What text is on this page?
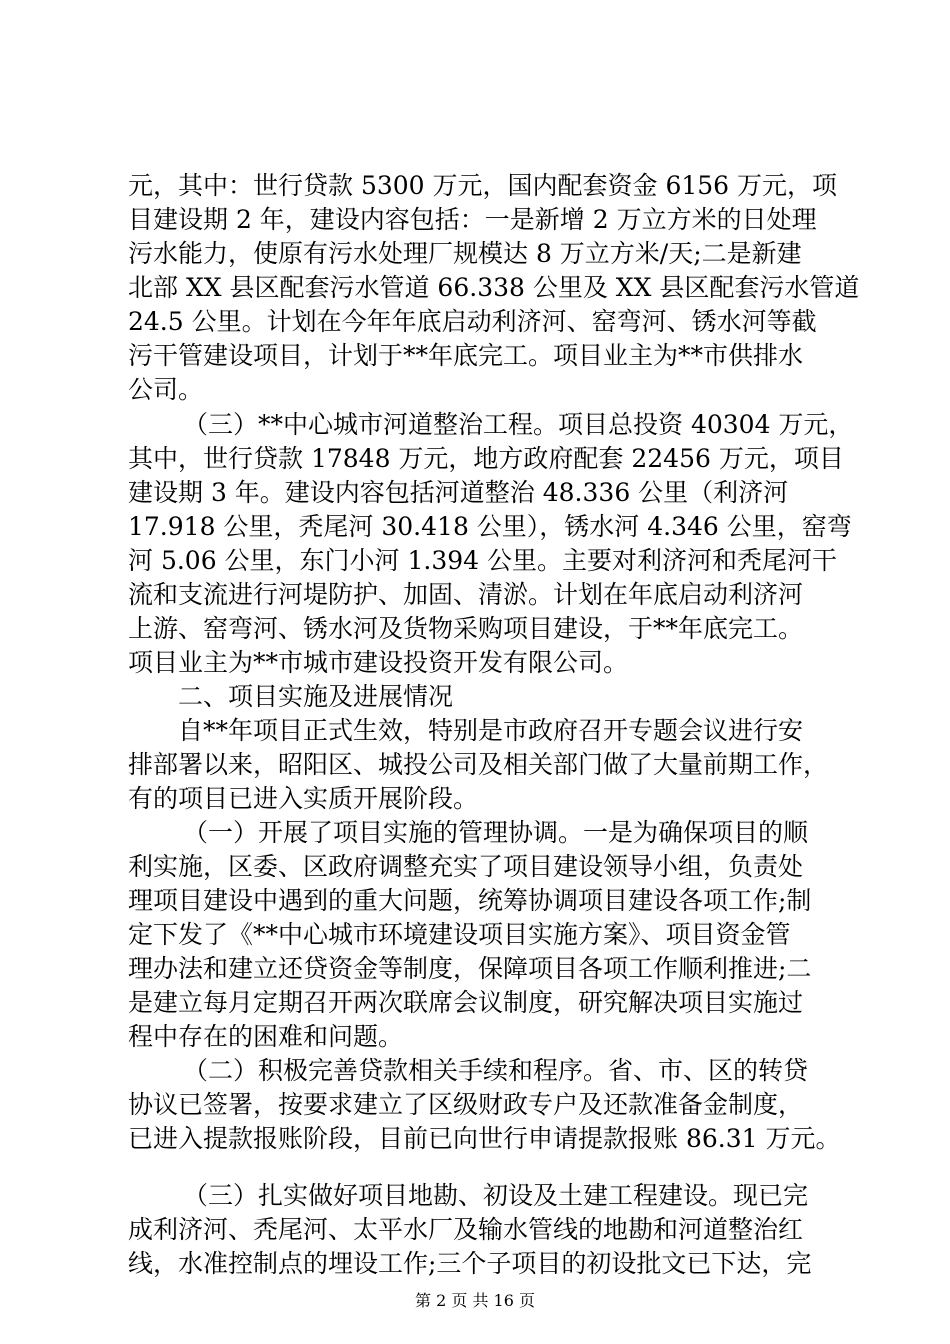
元，其中：世行贷款 5300 万元，国内配套资金 6156 万元，项
目建设期 2 年，建设内容包括：一是新增 2 万立方米的日处理
污水能力，使原有污水处理厂规模达 8 万立方米/天;二是新建
北部 XX 县区配套污水管道 66.338 公里及 XX 县区配套污水管道
24.5 公里。计划在今年年底启动利济河、窑弯河、锈水河等截
污干管建设项目，计划于**年底完工。项目业主为**市供排水
公司。
（三）**中心城市河道整治工程。项目总投资 40304 万元，
其中，世行贷款 17848 万元，地方政府配套 22456 万元，项目
建设期 3 年。建设内容包括河道整治 48.336 公里（利济河
17.918 公里，秃尾河 30.418 公里），锈水河 4.346 公里，窑弯
河 5.06 公里，东门小河 1.394 公里。主要对利济河和秃尾河干
流和支流进行河堤防护、加固、清淤。计划在年底启动利济河
上游、窑弯河、锈水河及货物采购项目建设，于**年底完工。
项目业主为**市城市建设投资开发有限公司。
二、项目实施及进展情况
自**年项目正式生效，特别是市政府召开专题会议进行安
排部署以来，昭阳区、城投公司及相关部门做了大量前期工作，
有的项目已进入实质开展阶段。
（一）开展了项目实施的管理协调。一是为确保项目的顺
利实施，区委、区政府调整充实了项目建设领导小组，负责处
理项目建设中遇到的重大问题，统筹协调项目建设各项工作;制
定下发了《**中心城市环境建设项目实施方案》、项目资金管
理办法和建立还贷资金等制度，保障项目各项工作顺利推进;二
是建立每月定期召开两次联席会议制度，研究解决项目实施过
程中存在的困难和问题。
（二）积极完善贷款相关手续和程序。省、市、区的转贷
协议已签署，按要求建立了区级财政专户及还款准备金制度，
已进入提款报账阶段，目前已向世行申请提款报账 86.31 万元。
（三）扎实做好项目地勘、初设及土建工程建设。现已完
成利济河、秃尾河、太平水厂及输水管线的地勘和河道整治红
线，水准控制点的埋设工作;三个子项目的初设批文已下达，完
第 2 页 共 16 页
